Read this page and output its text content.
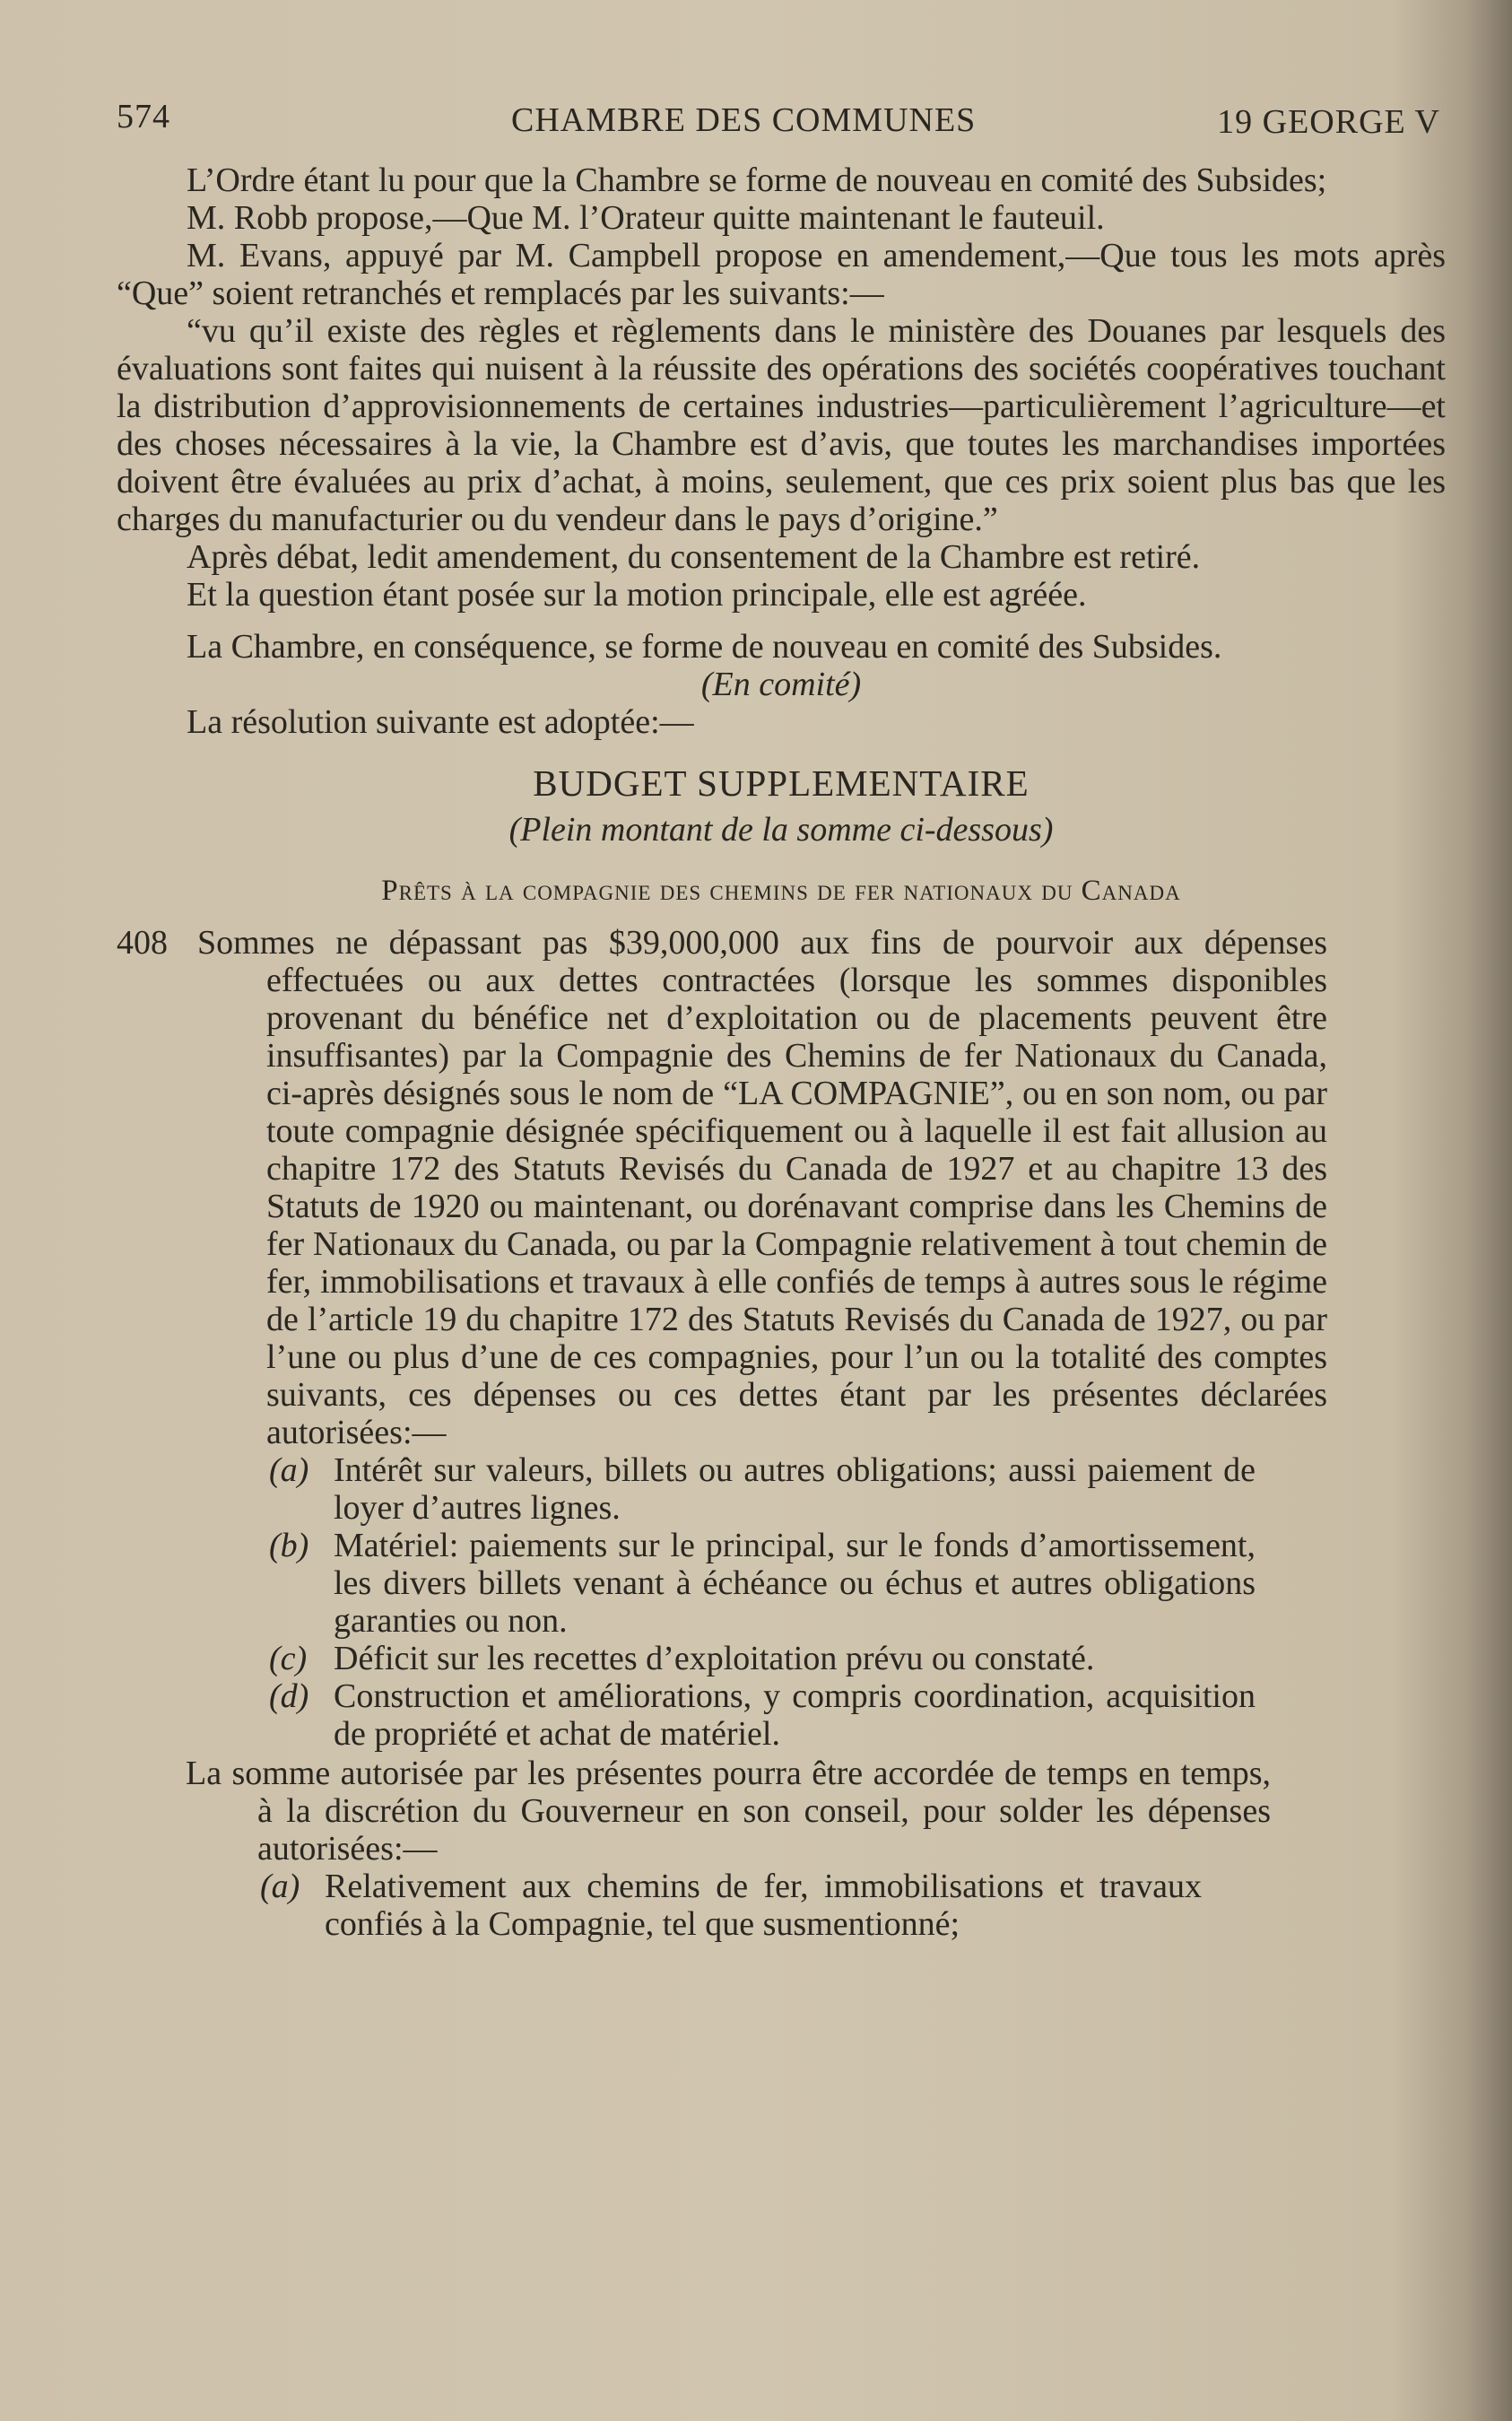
574	CHAMBRE DES COMMUNES	19 GEORGE V

L’Ordre étant lu pour que la Chambre se forme de nouveau en comité des Subsides;

M. Robb propose,—Que M. l’Orateur quitte maintenant le fauteuil.

M. Evans, appuyé par M. Campbell propose en amendement,—Que tous les mots après “Que” soient retranchés et remplacés par les suivants:—

“vu qu’il existe des règles et règlements dans le ministère des Douanes par lesquels des évaluations sont faites qui nuisent à la réussite des opérations des sociétés coopératives touchant la distribution d’approvisionnements de certaines industries—particulièrement l’agriculture—et des choses nécessaires à la vie, la Chambre est d’avis, que toutes les marchandises importées doivent être évaluées au prix d’achat, à moins, seulement, que ces prix soient plus bas que les charges du manufacturier ou du vendeur dans le pays d’origine.”

Après débat, ledit amendement, du consentement de la Chambre est retiré.

Et la question étant posée sur la motion principale, elle est agréée.

La Chambre, en conséquence, se forme de nouveau en comité des Subsides.

(En comité)

La résolution suivante est adoptée:—

BUDGET SUPPLEMENTAIRE

(Plein montant de la somme ci-dessous)

Prêts à la compagnie des chemins de fer nationaux du Canada

408 Sommes ne dépassant pas $39,000,000 aux fins de pourvoir aux dépenses effectuées ou aux dettes contractées (lorsque les sommes disponibles provenant du bénéfice net d’exploitation ou de placements peuvent être insuffisantes) par la Compagnie des Chemins de fer Nationaux du Canada, ci-après désignés sous le nom de “LA COMPAGNIE”, ou en son nom, ou par toute compagnie désignée spécifiquement ou à laquelle il est fait allusion au chapitre 172 des Statuts Revisés du Canada de 1927 et au chapitre 13 des Statuts de 1920 ou maintenant, ou dorénavant comprise dans les Chemins de fer Nationaux du Canada, ou par la Compagnie relativement à tout chemin de fer, immobilisations et travaux à elle confiés de temps à autres sous le régime de l’article 19 du chapitre 172 des Statuts Revisés du Canada de 1927, ou par l’une ou plus d’une de ces compagnies, pour l’un ou la totalité des comptes suivants, ces dépenses ou ces dettes étant par les présentes déclarées autorisées:—

(a) Intérêt sur valeurs, billets ou autres obligations; aussi paiement de loyer d’autres lignes.
(b) Matériel: paiements sur le principal, sur le fonds d’amortissement, les divers billets venant à échéance ou échus et autres obligations garanties ou non.
(c) Déficit sur les recettes d’exploitation prévu ou constaté.
(d) Construction et améliorations, y compris coordination, acquisition de propriété et achat de matériel.

La somme autorisée par les présentes pourra être accordée de temps en temps, à la discrétion du Gouverneur en son conseil, pour solder les dépenses autorisées:—

(a) Relativement aux chemins de fer, immobilisations et travaux confiés à la Compagnie, tel que susmentionné;
